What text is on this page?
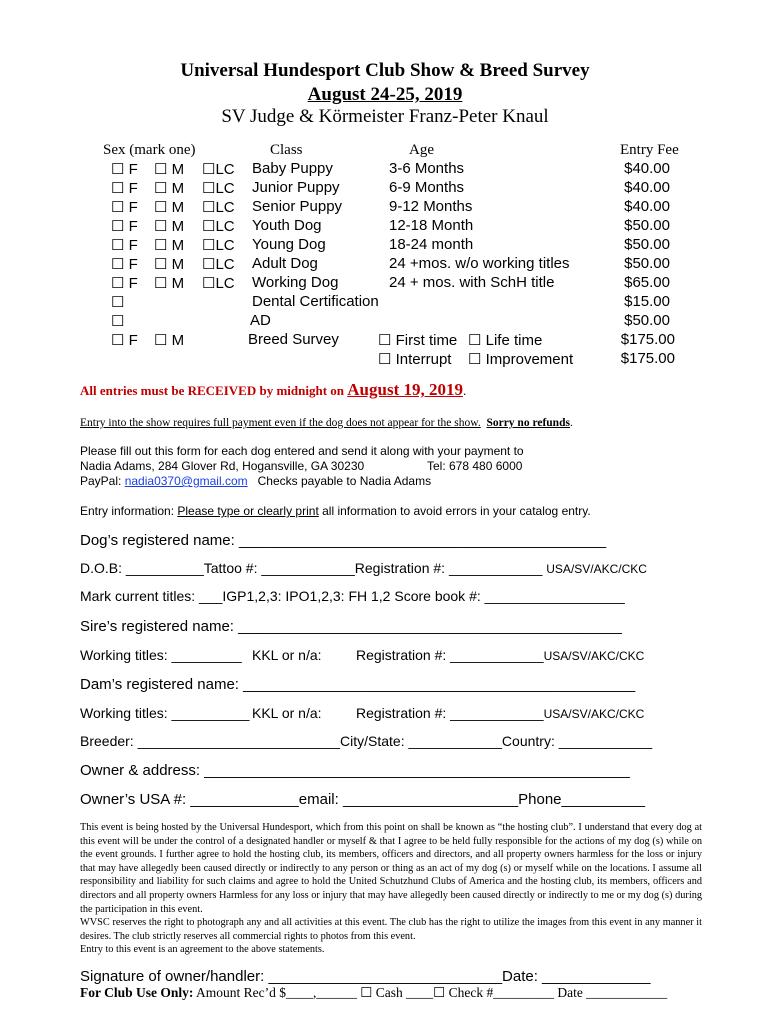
Universal Hundesport Club Show & Breed Survey
August 24-25, 2019
SV Judge & Körmeister Franz-Peter Knaul
Sex (mark one)	Class	Age	Entry Fee
☐ F ☐ M ☐LC Baby Puppy	3-6 Months	$40.00
☐ F ☐ M ☐LC Junior Puppy	6-9 Months	$40.00
☐ F ☐ M ☐LC Senior Puppy	9-12 Months	$40.00
☐ F ☐ M ☐LC Youth Dog	12-18 Month	$50.00
☐ F ☐ M ☐LC Young Dog	18-24 month	$50.00
☐ F ☐ M ☐LC Adult Dog	24 +mos. w/o working titles	$50.00
☐ F ☐ M ☐LC Working Dog	24 + mos. with SchH title	$65.00
☐	Dental Certification	$15.00
☐	AD	$50.00
☐ F ☐ M	Breed Survey	☐ First time ☐ Life time	$175.00
☐ Interrupt ☐ Improvement	$175.00
All entries must be RECEIVED by midnight on August 19, 2019.
Entry into the show requires full payment even if the dog does not appear for the show. Sorry no refunds.
Please fill out this form for each dog entered and send it along with your payment to
Nadia Adams, 284 Glover Rd, Hogansville, GA 30230	Tel: 678 480 6000
PayPal: nadia0370@gmail.com Checks payable to Nadia Adams
Entry information: Please type or clearly print all information to avoid errors in your catalog entry.
Dog’s registered name: ____________________________________________
D.O.B: __________Tattoo #: ____________Registration #: ____________ USA/SV/AKC/CKC
Mark current titles: ___IGP1,2,3: IPO1,2,3: FH 1,2 Score book #: __________________
Sire’s registered name: ______________________________________________
Working titles: _________ KKL or n/a: Registration #: ____________USA/SV/AKC/CKC
Dam’s registered name: _______________________________________________
Working titles: __________ KKL or n/a: Registration #: ____________USA/SV/AKC/CKC
Breeder: __________________________City/State: ____________Country: ____________
Owner & address: ___________________________________________________
Owner’s USA #: _____________email: _____________________Phone__________

This event is being hosted by the Universal Hundesport, which from this point on shall be known as “the hosting club”. I understand that every dog at this event will be under the control of a designated handler or myself & that I agree to be held fully responsible for the actions of my dog (s) while on the event grounds. I further agree to hold the hosting club, its members, officers and directors, and all property owners harmless for the loss or injury that may have allegedly been caused directly or indirectly to any person or thing as an act of my dog (s) or myself while on the locations. I assume all responsibility and liability for such claims and agree to hold the United Schutzhund Clubs of America and the hosting club, its members, officers and directors and all property owners Harmless for any loss or injury that may have allegedly been caused directly or indirectly to me or my dog (s) during the participation in this event.

WVSC reserves the right to photograph any and all activities at this event. The club has the right to utilize the images from this event in any manner it desires. The club strictly reserves all commercial rights to photos from this event.

Entry to this event is an agreement to the above statements.

Signature of owner/handler: ____________________________Date: _____________
For Club Use Only: Amount Rec’d $____,______ ☐ Cash ____☐ Check #_________ Date ____________
